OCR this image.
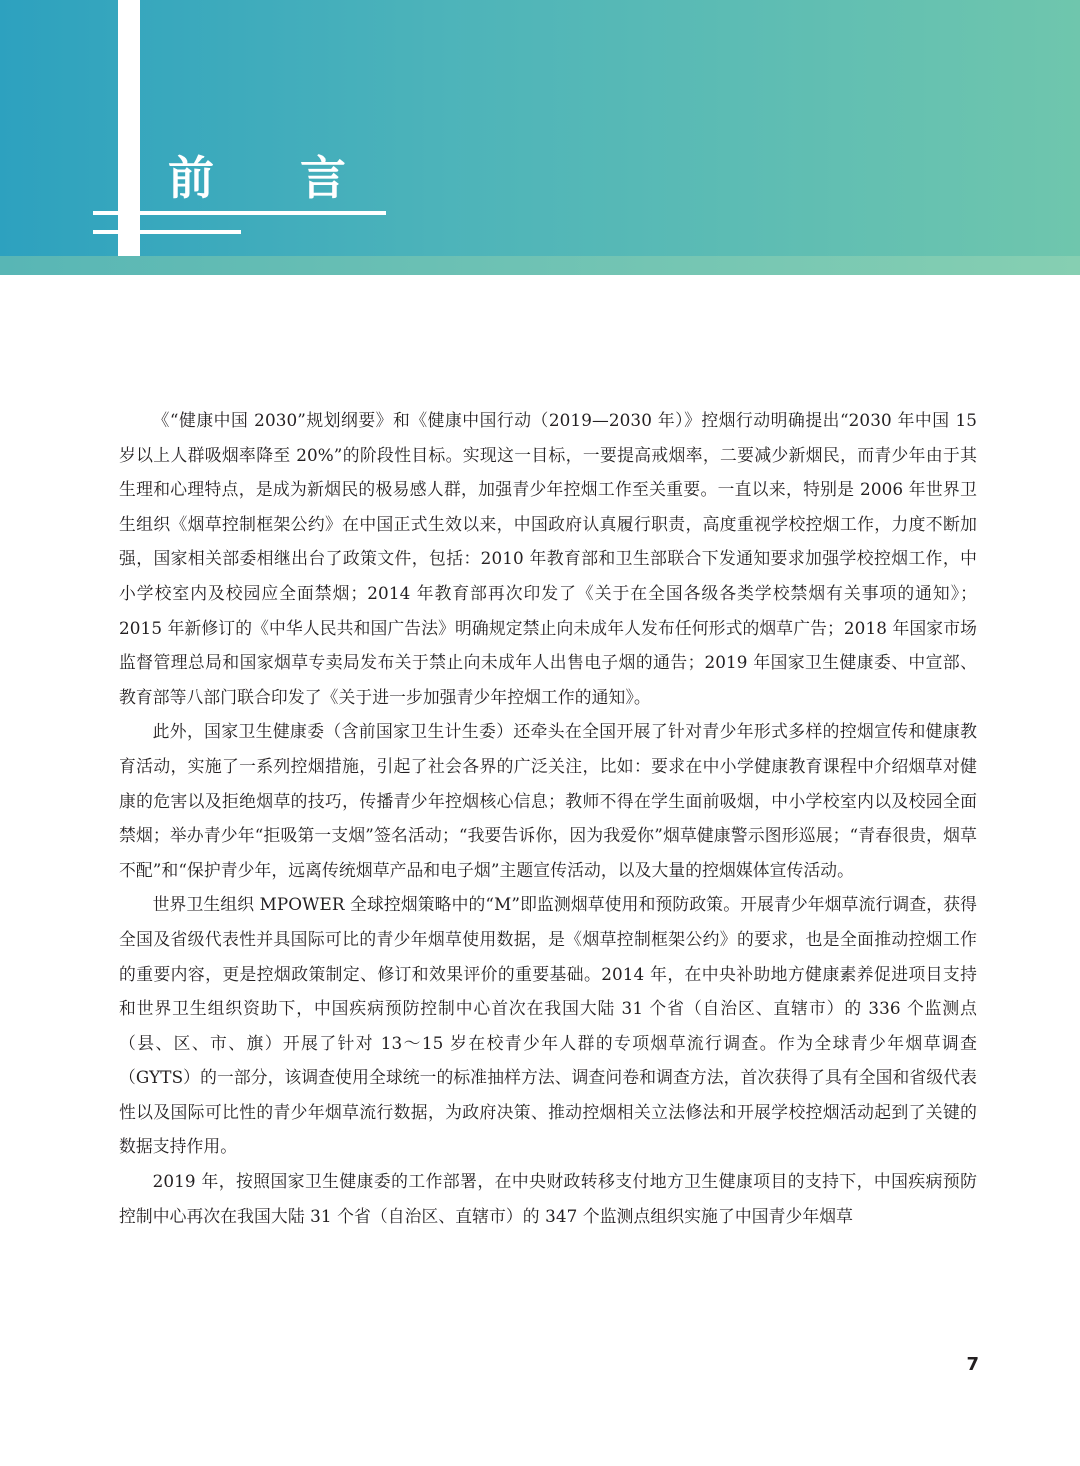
前言

《“健康中国 2030”规划纲要》和《健康中国行动（2019—2030 年）》控烟行动明确提出“2030 年中国 15 岁以上人群吸烟率降至 20%”的阶段性目标。实现这一目标，一要提高戒烟率，二要减少新烟民，而青少年由于其生理和心理特点，是成为新烟民的极易感人群，加强青少年控烟工作至关重要。一直以来，特别是 2006 年世界卫生组织《烟草控制框架公约》在中国正式生效以来，中国政府认真履行职责，高度重视学校控烟工作，力度不断加强，国家相关部委相继出台了政策文件，包括：2010 年教育部和卫生部联合下发通知要求加强学校控烟工作，中小学校室内及校园应全面禁烟；2014 年教育部再次印发了《关于在全国各级各类学校禁烟有关事项的通知》；2015 年新修订的《中华人民共和国广告法》明确规定禁止向未成年人发布任何形式的烟草广告；2018 年国家市场监督管理总局和国家烟草专卖局发布关于禁止向未成年人出售电子烟的通告；2019 年国家卫生健康委、中宣部、教育部等八部门联合印发了《关于进一步加强青少年控烟工作的通知》。

此外，国家卫生健康委（含前国家卫生计生委）还牵头在全国开展了针对青少年形式多样的控烟宣传和健康教育活动，实施了一系列控烟措施，引起了社会各界的广泛关注，比如：要求在中小学健康教育课程中介绍烟草对健康的危害以及拒绝烟草的技巧，传播青少年控烟核心信息；教师不得在学生面前吸烟，中小学校室内以及校园全面禁烟；举办青少年“拒吸第一支烟”签名活动；“我要告诉你，因为我爱你”烟草健康警示图形巡展；“青春很贵，烟草不配”和“保护青少年，远离传统烟草产品和电子烟”主题宣传活动，以及大量的控烟媒体宣传活动。

世界卫生组织 MPOWER 全球控烟策略中的“M”即监测烟草使用和预防政策。开展青少年烟草流行调查，获得全国及省级代表性并具国际可比的青少年烟草使用数据，是《烟草控制框架公约》的要求，也是全面推动控烟工作的重要内容，更是控烟政策制定、修订和效果评价的重要基础。2014 年，在中央补助地方健康素养促进项目支持和世界卫生组织资助下，中国疾病预防控制中心首次在我国大陆 31 个省（自治区、直辖市）的 336 个监测点（县、区、市、旗）开展了针对 13～15 岁在校青少年人群的专项烟草流行调查。作为全球青少年烟草调查（GYTS）的一部分，该调查使用全球统一的标准抽样方法、调查问卷和调查方法，首次获得了具有全国和省级代表性以及国际可比性的青少年烟草流行数据，为政府决策、推动控烟相关立法修法和开展学校控烟活动起到了关键的数据支持作用。

2019 年，按照国家卫生健康委的工作部署，在中央财政转移支付地方卫生健康项目的支持下，中国疾病预防控制中心再次在我国大陆 31 个省（自治区、直辖市）的 347 个监测点组织实施了中国青少年烟草

7
